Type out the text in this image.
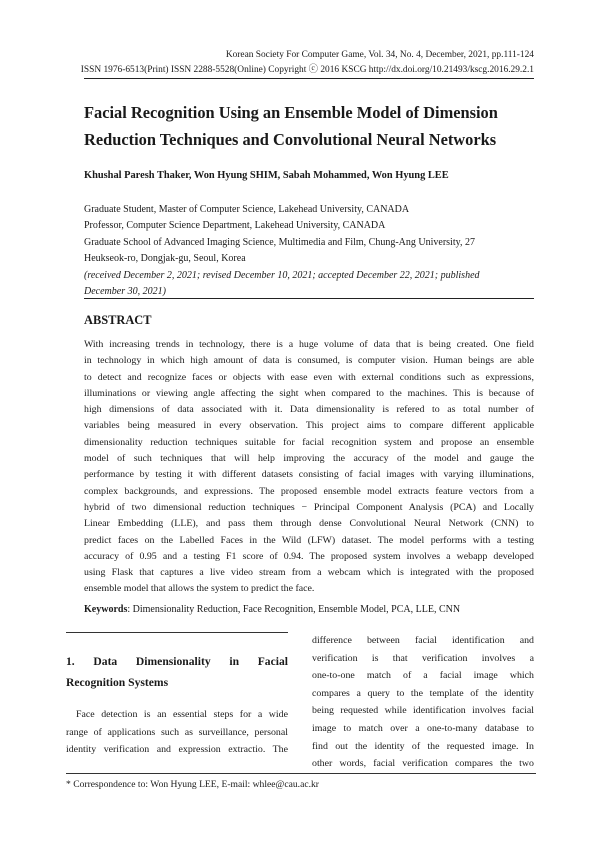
Korean Society For Computer Game, Vol. 34, No. 4, December, 2021, pp.111-124
ISSN 1976-6513(Print) ISSN 2288-5528(Online) Copyright ⓒ 2016 KSCG http://dx.doi.org/10.21493/kscg.2016.29.2.1
Facial Recognition Using an Ensemble Model of Dimension
Reduction Techniques and Convolutional Neural Networks
Khushal Paresh Thaker, Won Hyung SHIM, Sabah Mohammed, Won Hyung LEE
Graduate Student, Master of Computer Science, Lakehead University, CANADA
Professor, Computer Science Department, Lakehead University, CANADA
Graduate School of Advanced Imaging Science, Multimedia and Film, Chung-Ang University, 27
Heukseok-ro, Dongjak-gu, Seoul, Korea
(received December 2, 2021; revised December 10, 2021; accepted December 22, 2021; published
December 30, 2021)
ABSTRACT
With increasing trends in technology, there is a huge volume of data that is being created. One field
in technology in which high amount of data is consumed, is computer vision. Human beings are able
to detect and recognize faces or objects with ease even with external conditions such as expressions,
illuminations or viewing angle affecting the sight when compared to the machines. This is because of
high dimensions of data associated with it. Data dimensionality is refered to as total number of
variables being measured in every observation. This project aims to compare different applicable
dimensionality reduction techniques suitable for facial recognition system and propose an ensemble
model of such techniques that will help improving the accuracy of the model and gauge the
performance by testing it with different datasets consisting of facial images with varying illuminations,
complex backgrounds, and expressions. The proposed ensemble model extracts feature vectors from a
hybrid of two dimensional reduction techniques − Principal Component Analysis (PCA) and Locally
Linear Embedding (LLE), and pass them through dense Convolutional Neural Network (CNN) to
predict faces on the Labelled Faces in the Wild (LFW) dataset. The model performs with a testing
accuracy of 0.95 and a testing F1 score of 0.94. The proposed system involves a webapp developed
using Flask that captures a live video stream from a webcam which is integrated with the proposed
ensemble model that allows the system to predict the face.
Keywords: Dimensionality Reduction, Face Recognition, Ensemble Model, PCA, LLE, CNN
1. Data Dimensionality in Facial
Recognition Systems
Face detection is an essential steps for a wide
range of applications such as surveillance, personal
identity verification and expression extractio. The
difference between facial identification and
verification is that verification involves a
one-to-one match of a facial image which
compares a query to the template of the identity
being requested while identification involves facial
image to match over a one-to-many database to
find out the identity of the requested image. In
other words, facial verification compares the two
* Correspondence to: Won Hyung LEE, E-mail: whlee@cau.ac.kr
